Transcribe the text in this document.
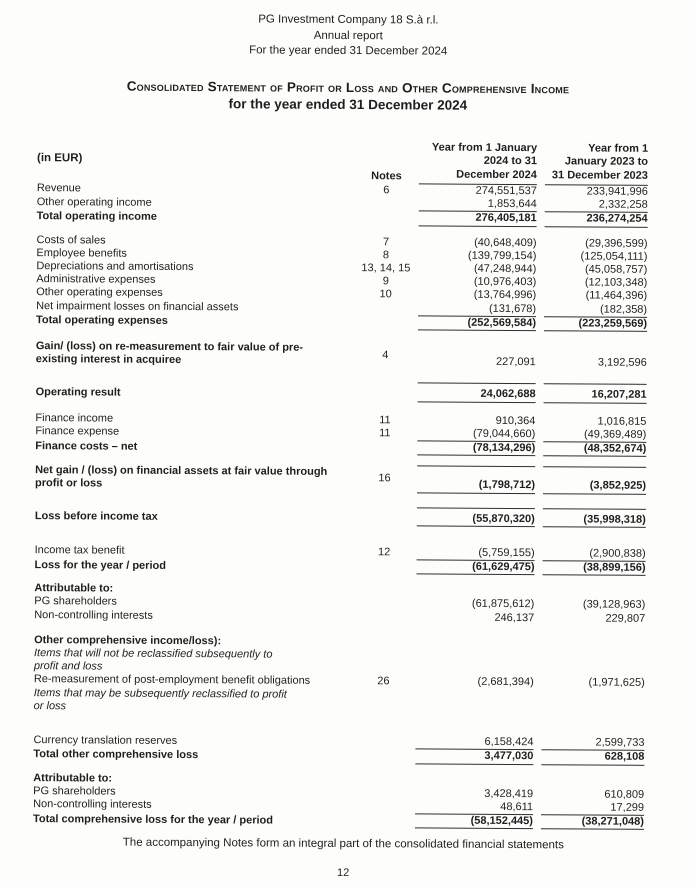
PG Investment Company 18 S.à r.l.
Annual report
For the year ended 31 December 2024
Consolidated Statement of Profit or Loss and Other Comprehensive Income
for the year ended 31 December 2024
(in EUR)	Notes	Year from 1 January
2024 to 31
December 2024		Year from 1
January 2023 to
31 December 2023
Revenue	6	274,551,537		233,941,996
Other operating income		1,853,644		2,332,258
Total operating income		276,405,181		236,274,254

Costs of sales	7	(40,648,409)		(29,396,599)
Employee benefits	8	(139,799,154)		(125,054,111)
Depreciations and amortisations	13, 14, 15	(47,248,944)		(45,058,757)
Administrative expenses	9	(10,976,403)		(12,103,348)
Other operating expenses	10	(13,764,996)		(11,464,396)
Net impairment losses on financial assets		(131,678)		(182,358)
Total operating expenses		(252,569,584)		(223,259,569)

Gain/ (loss) on re-measurement to fair value of pre-
existing interest in acquiree	4	227,091		3,192,596

Operating result		24,062,688		16,207,281

Finance income	11	910,364		1,016,815
Finance expense	11	(79,044,660)		(49,369,489)
Finance costs – net		(78,134,296)		(48,352,674)

Net gain / (loss) on financial assets at fair value through
profit or loss	16	(1,798,712)		(3,852,925)

Loss before income tax		(55,870,320)		(35,998,318)

Income tax benefit	12	(5,759,155)		(2,900,838)
Loss for the year / period		(61,629,475)		(38,899,156)

Attributable to:				
PG shareholders		(61,875,612)		(39,128,963)
Non-controlling interests		246,137		229,807

Other comprehensive income/loss):				
Items that will not be reclassified subsequently to
profit and loss				
Re-measurement of post-employment benefit obligations	26	(2,681,394)		(1,971,625)
Items that may be subsequently reclassified to profit
or loss				

Currency translation reserves		6,158,424		2,599,733
Total other comprehensive loss		3,477,030		628,108

Attributable to:				
PG shareholders		3,428,419		610,809
Non-controlling interests		48,611		17,299
Total comprehensive loss for the year / period		(58,152,445)		(38,271,048)
The accompanying Notes form an integral part of the consolidated financial statements
12
